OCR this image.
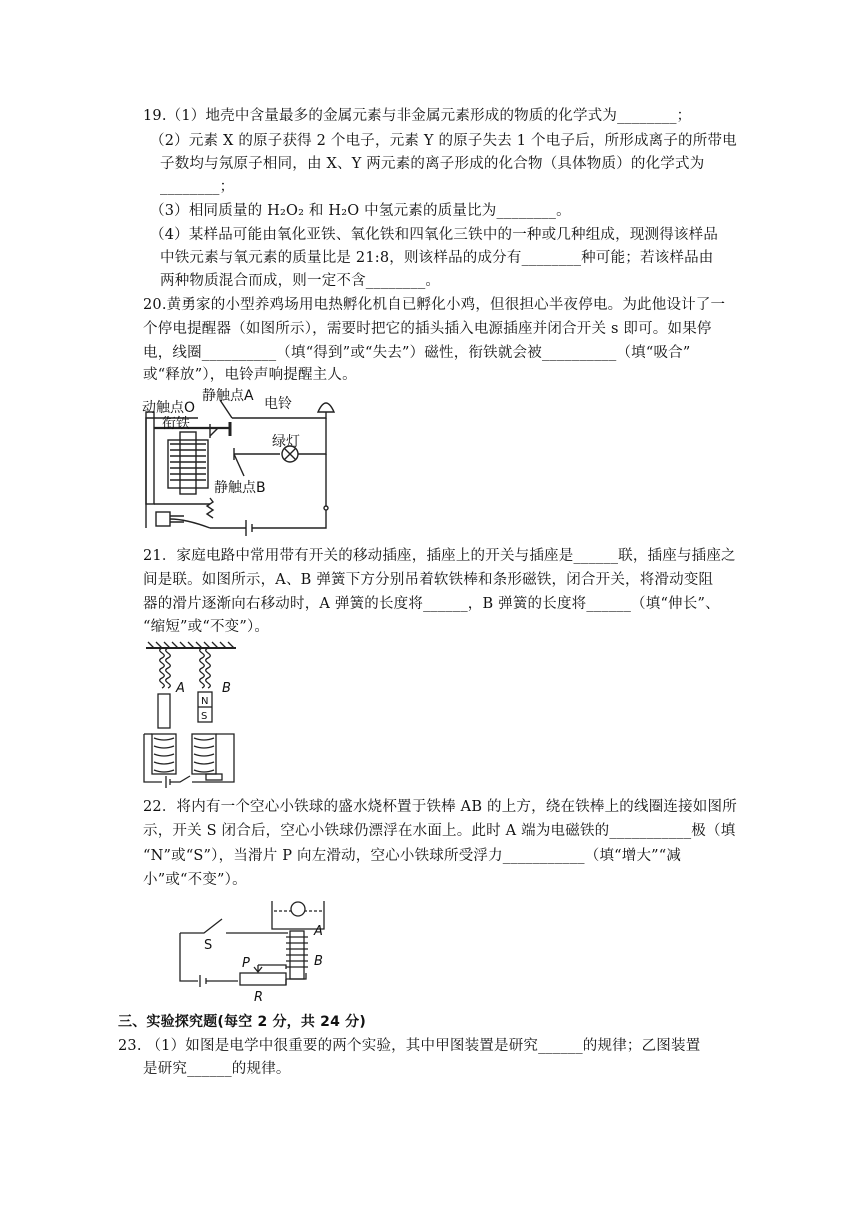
19.（1）地壳中含量最多的金属元素与非金属元素形成的物质的化学式为________；
（2）元素 X 的原子获得 2 个电子，元素 Y 的原子失去 1 个电子后，所形成离子的所带电
子数均与氖原子相同，由 X、Y 两元素的离子形成的化合物（具体物质）的化学式为
________；
（3）相同质量的 H₂O₂ 和 H₂O 中氢元素的质量比为________。
（4）某样品可能由氧化亚铁、氧化铁和四氧化三铁中的一种或几种组成，现测得该样品
中铁元素与氧元素的质量比是 21:8，则该样品的成分有________种可能；若该样品由
两种物质混合而成，则一定不含________。
20.黄勇家的小型养鸡场用电热孵化机自已孵化小鸡，但很担心半夜停电。为此他设计了一
个停电提醒器（如图所示），需要时把它的插头插入电源插座并闭合开关 s 即可。如果停
电，线圈__________（填“得到”或“失去”）磁性，衔铁就会被__________（填“吸合”
或“释放”），电铃声响提醒主人。
静触点A 电铃
动触点O
衔铁
绿灯
静触点B
21．家庭电路中常用带有开关的移动插座，插座上的开关与插座是______联，插座与插座之
间是联。如图所示，A、B 弹簧下方分别吊着软铁棒和条形磁铁，闭合开关，将滑动变阻
器的滑片逐渐向右移动时，A 弹簧的长度将______，B 弹簧的长度将______（填“伸长”、
“缩短”或“不变”）。
A	B
N
S
22．将内有一个空心小铁球的盛水烧杯置于铁棒 AB 的上方，绕在铁棒上的线圈连接如图所
示，开关 S 闭合后，空心小铁球仍漂浮在水面上。此时 A 端为电磁铁的___________极（填
“N”或“S”），当滑片 P 向左滑动，空心小铁球所受浮力___________（填“增大”“减
小”或“不变”）。
S
A
B
P
R
三、实验探究题(每空 2 分，共 24 分)
23. （1）如图是电学中很重要的两个实验，其中甲图装置是研究______的规律；乙图装置
是研究______的规律。
